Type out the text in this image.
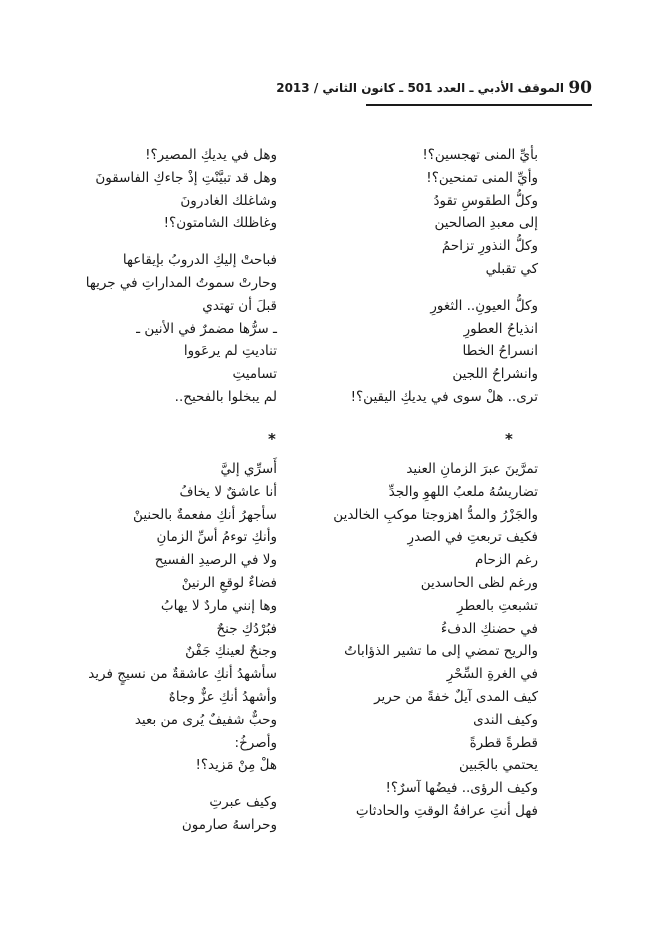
90
الموقف الأدبي ـ العدد 501 ـ كانون الثاني / 2013
بأيِّ المنى تهجسين؟!
وأيِّ المنى تمنحين؟!
وكلُّ الطقوسِ تقودُ
إلى معبدِ الصالحين
وكلُّ النذورِ تزاحمُ
كي تقبلي
وكلُّ العيونِ.. الثغورِ
انذياحُ العطورِ
انسراحُ الخطا
وانشراحُ اللجين
ترى.. هلْ سوى في يديكِ اليقين؟!
وهل في يديكِ المصير؟!
وهل قد تبيَّنْتِ إذْ جاءكِ الفاسقونَ
وشاغلك الغادرونَ
وغاظلك الشامتون؟!
فباحتْ إليكِ الدروبُ بإيقاعها
وحارتْ سموتُ المداراتِ في جريها
قبلَ أن تهتدي
ـ سرُّها مضمرٌ في الأنين ـ
تناديتِ لم يرعَووا
تساميتِ
لم يبخلوا بالفحيح..
*
*
تمرَّينَ عبرَ الزمانِ العنيد
تضاريسُهُ ملعبُ اللهوِ والجدِّ
والجَزْرُ والمدُّ اهزوجتا موكبِ الخالدين
فكيف تربعتِ في الصدرِ
رغم الزحام
ورغم لظى الحاسدين
تشبعتِ بالعطرِ
في حضنكِ الدفءُ
والريح تمضي إلى ما تشير الذؤاباتُ
في الغرةِ السِّحْرِ
كيف المدى آيلٌ خفةً من حرير
وكيف الندى
قطرةً قطرةً
يحتمي بالجَبين
وكيف الرؤى.. فيضُها آسرٌ؟!
فهل أنتِ عرافةُ الوقتِ والحادثاتِ
أَسرِّي إليَّ
أنا عاشقٌ لا يخافُ
سأجهرُ أنكِ مفعمةٌ بالحنينْ
وأنكِ توءمُ أسِّ الزمانِ
ولا في الرصيدِ الفسيح
فضاءٌ لوقعِ الرنينْ
وها إنني ماردٌ لا يهابُ
فبُرْدُكِ جنحٌ
وجنحٌ لعينكِ جَفْنٌ
سأشهدُ أنكِ عاشقةٌ من نسيجٍ فريد
وأشهدُ أنكِ عزٌّ وجاهٌ
وحبٌّ شفيفٌ يُرى من بعيد
وأصرخُ:
هلْ مِنْ مَزيد؟!
وكيف عبرتِ
وحراسهُ صارمون
